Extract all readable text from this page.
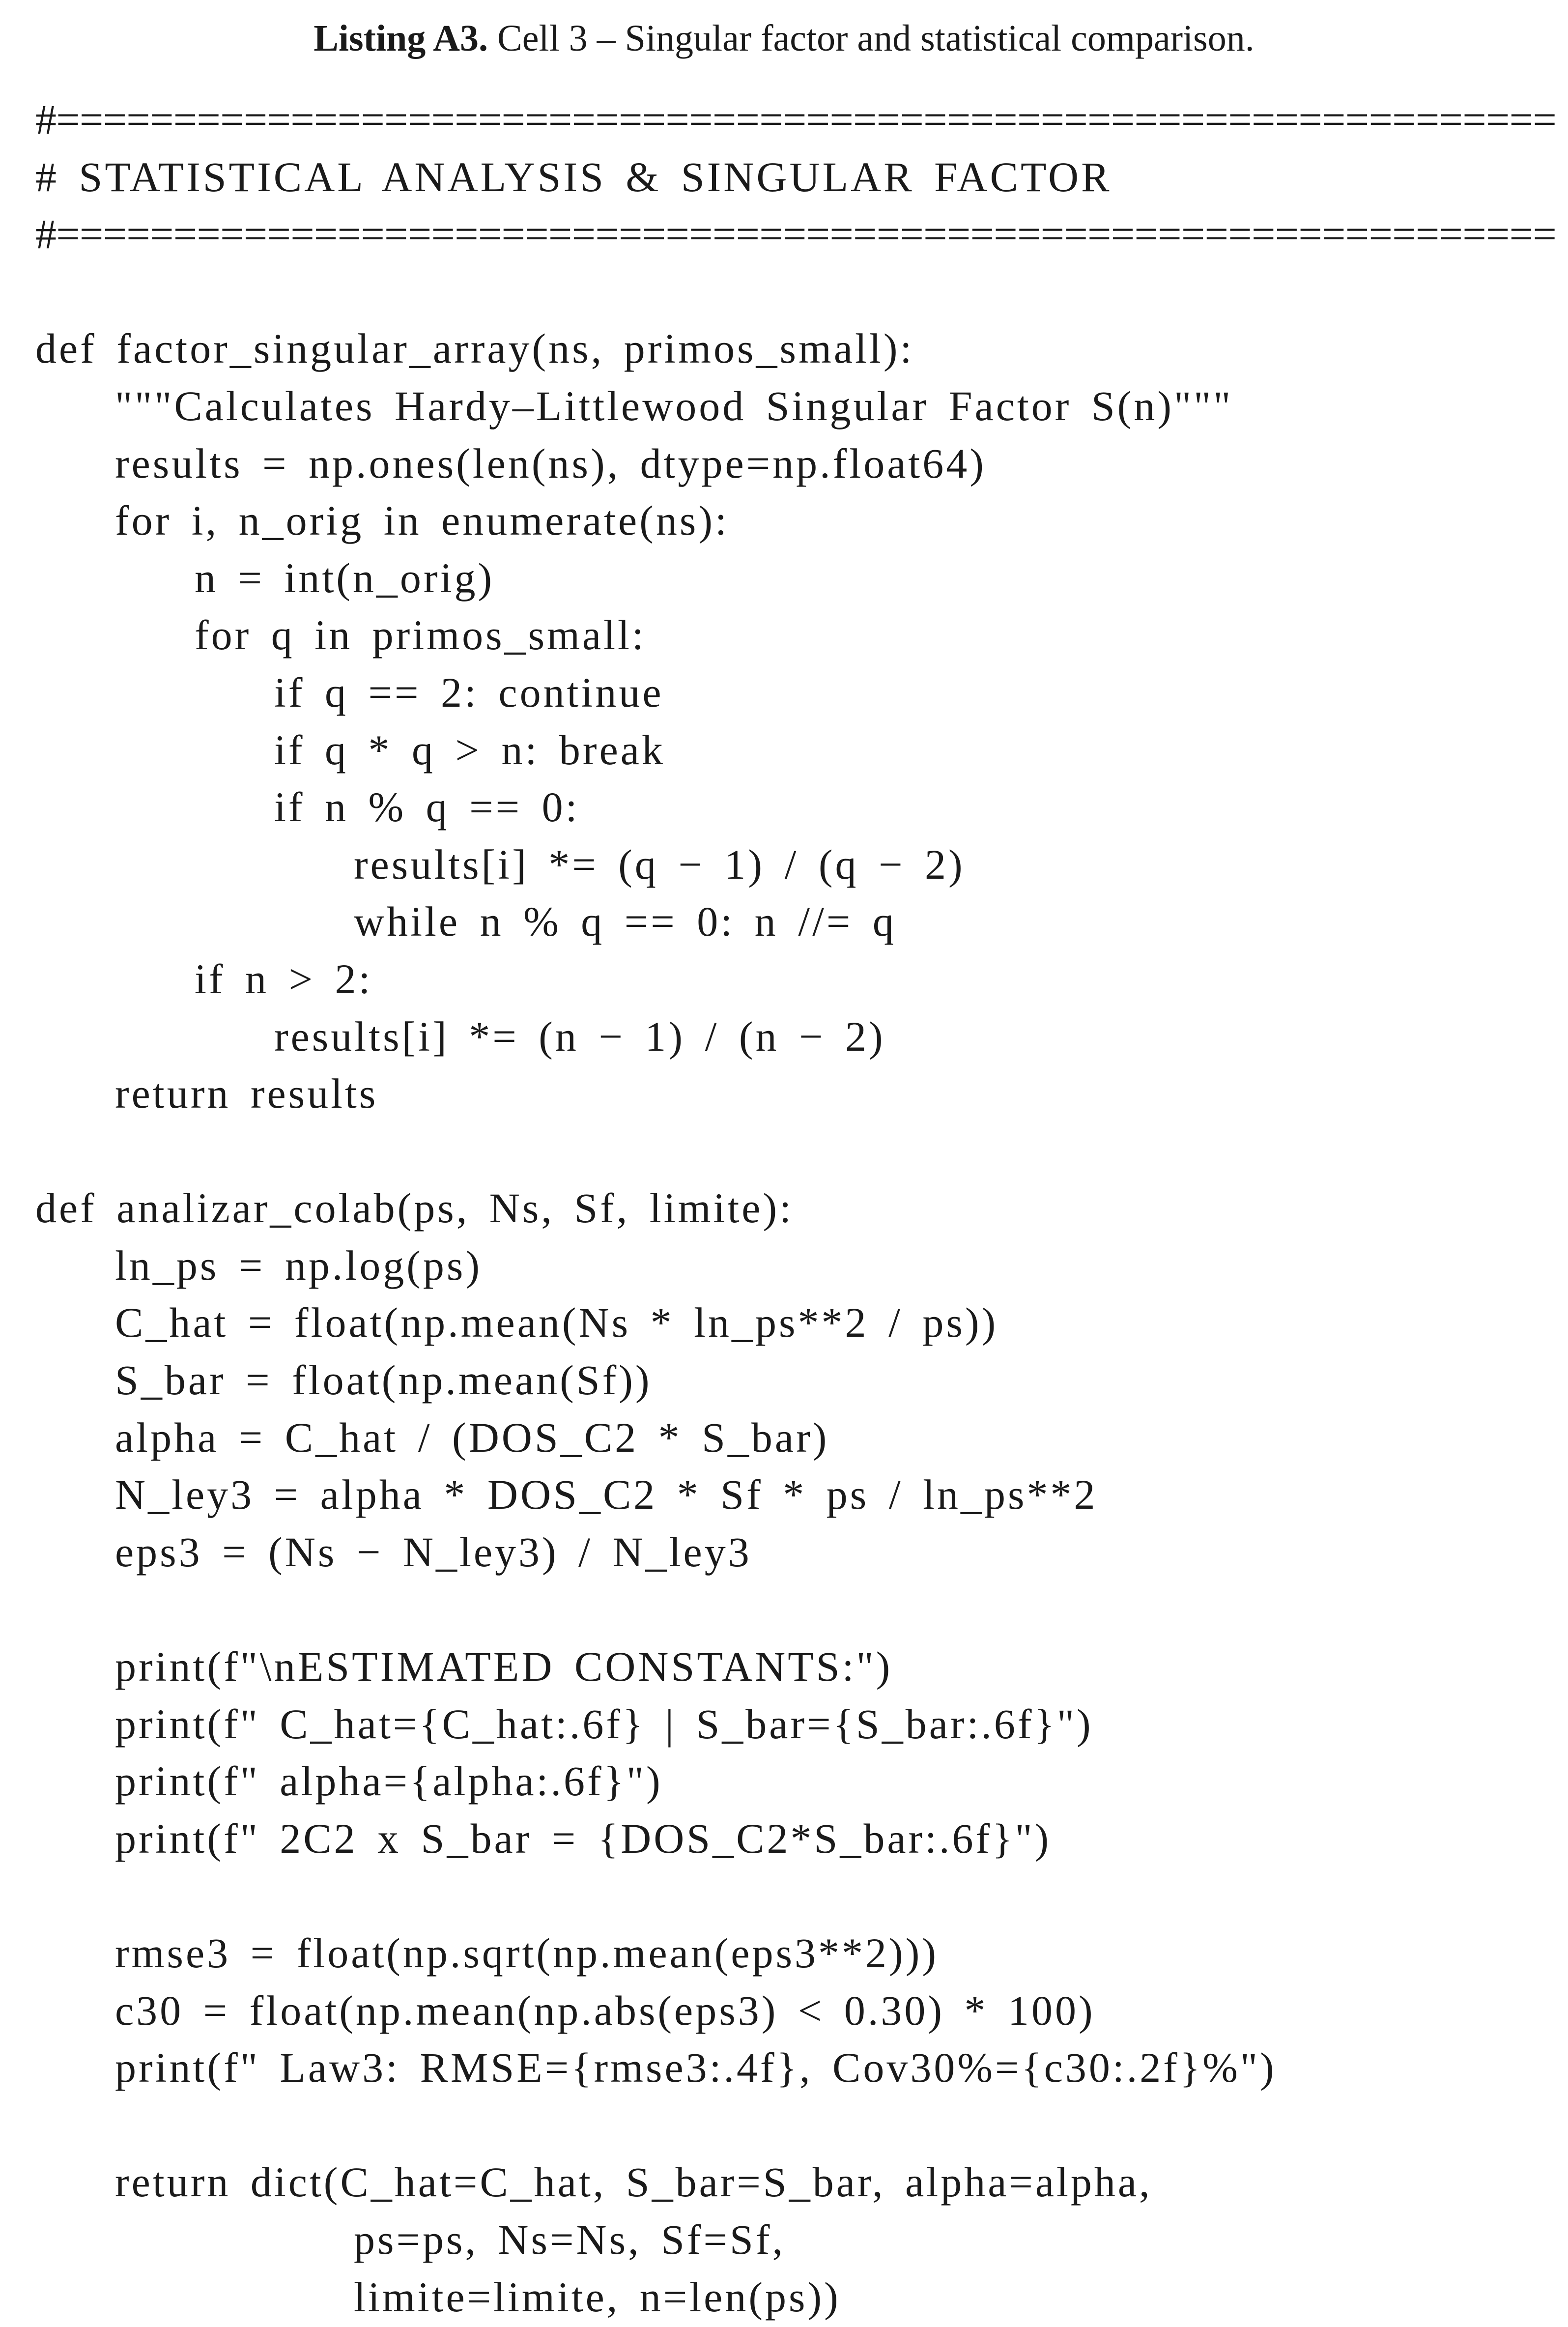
Listing A3. Cell 3 – Singular factor and statistical comparison.
#================================================================
# STATISTICAL ANALYSIS & SINGULAR FACTOR
#================================================================
def factor_singular_array(ns, primos_small):
"""Calculates Hardy–Littlewood Singular Factor S(n)"""
results = np.ones(len(ns), dtype=np.float64)
for i, n_orig in enumerate(ns):
n = int(n_orig)
for q in primos_small:
if q == 2: continue
if q * q > n: break
if n % q == 0:
results[i] *= (q − 1) / (q − 2)
while n % q == 0: n //= q
if n > 2:
results[i] *= (n − 1) / (n − 2)
return results
def analizar_colab(ps, Ns, Sf, limite):
ln_ps = np.log(ps)
C_hat = float(np.mean(Ns * ln_ps**2 / ps))
S_bar = float(np.mean(Sf))
alpha = C_hat / (DOS_C2 * S_bar)
N_ley3 = alpha * DOS_C2 * Sf * ps / ln_ps**2
eps3 = (Ns − N_ley3) / N_ley3
print(f"\nESTIMATED CONSTANTS:")
print(f" C_hat={C_hat:.6f} | S_bar={S_bar:.6f}")
print(f" alpha={alpha:.6f}")
print(f" 2C2 x S_bar = {DOS_C2*S_bar:.6f}")
rmse3 = float(np.sqrt(np.mean(eps3**2)))
c30 = float(np.mean(np.abs(eps3) < 0.30) * 100)
print(f" Law3: RMSE={rmse3:.4f}, Cov30%={c30:.2f}%")
return dict(C_hat=C_hat, S_bar=S_bar, alpha=alpha,
ps=ps, Ns=Ns, Sf=Sf,
limite=limite, n=len(ps))
